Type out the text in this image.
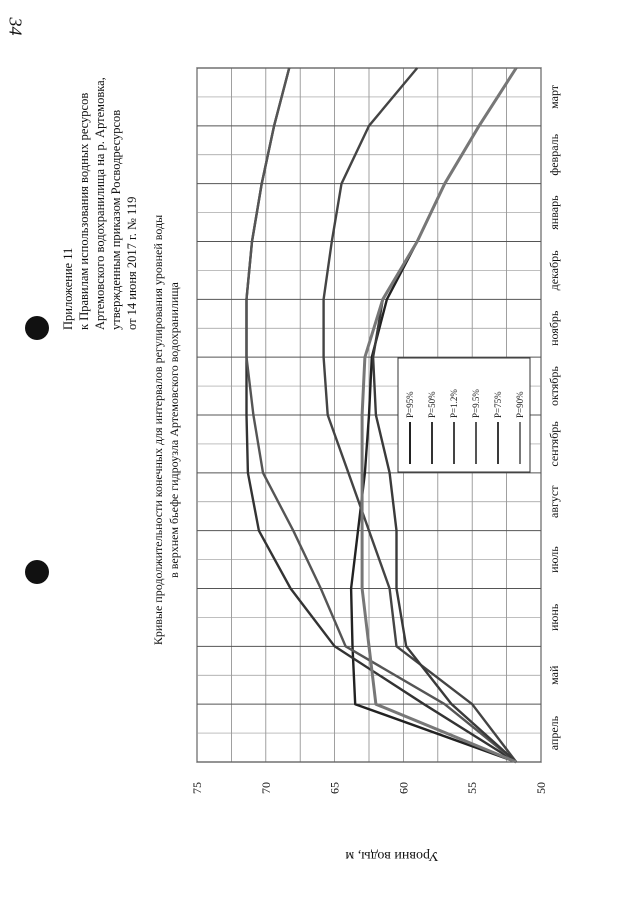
34
Приложение 11 к Правилам использования водных ресурсов Артемовского водохранилища на р. Артемовка, утвержденным приказом Росводресурсов от 14 июня 2017 г. № 119 Кривые продолжительности конечных для интервалов регулирования уровней воды в верхнем бьефе гидроузла Артемовского водохранилища
Уровни воды, м
50
55
60
65
70
75
апрель
май
июнь
июль
август
сентябрь
октябрь
ноябрь
декабрь
январь
февраль
март
P=95% P=50% P=1.2% P=9.5% P=75% P=90%
